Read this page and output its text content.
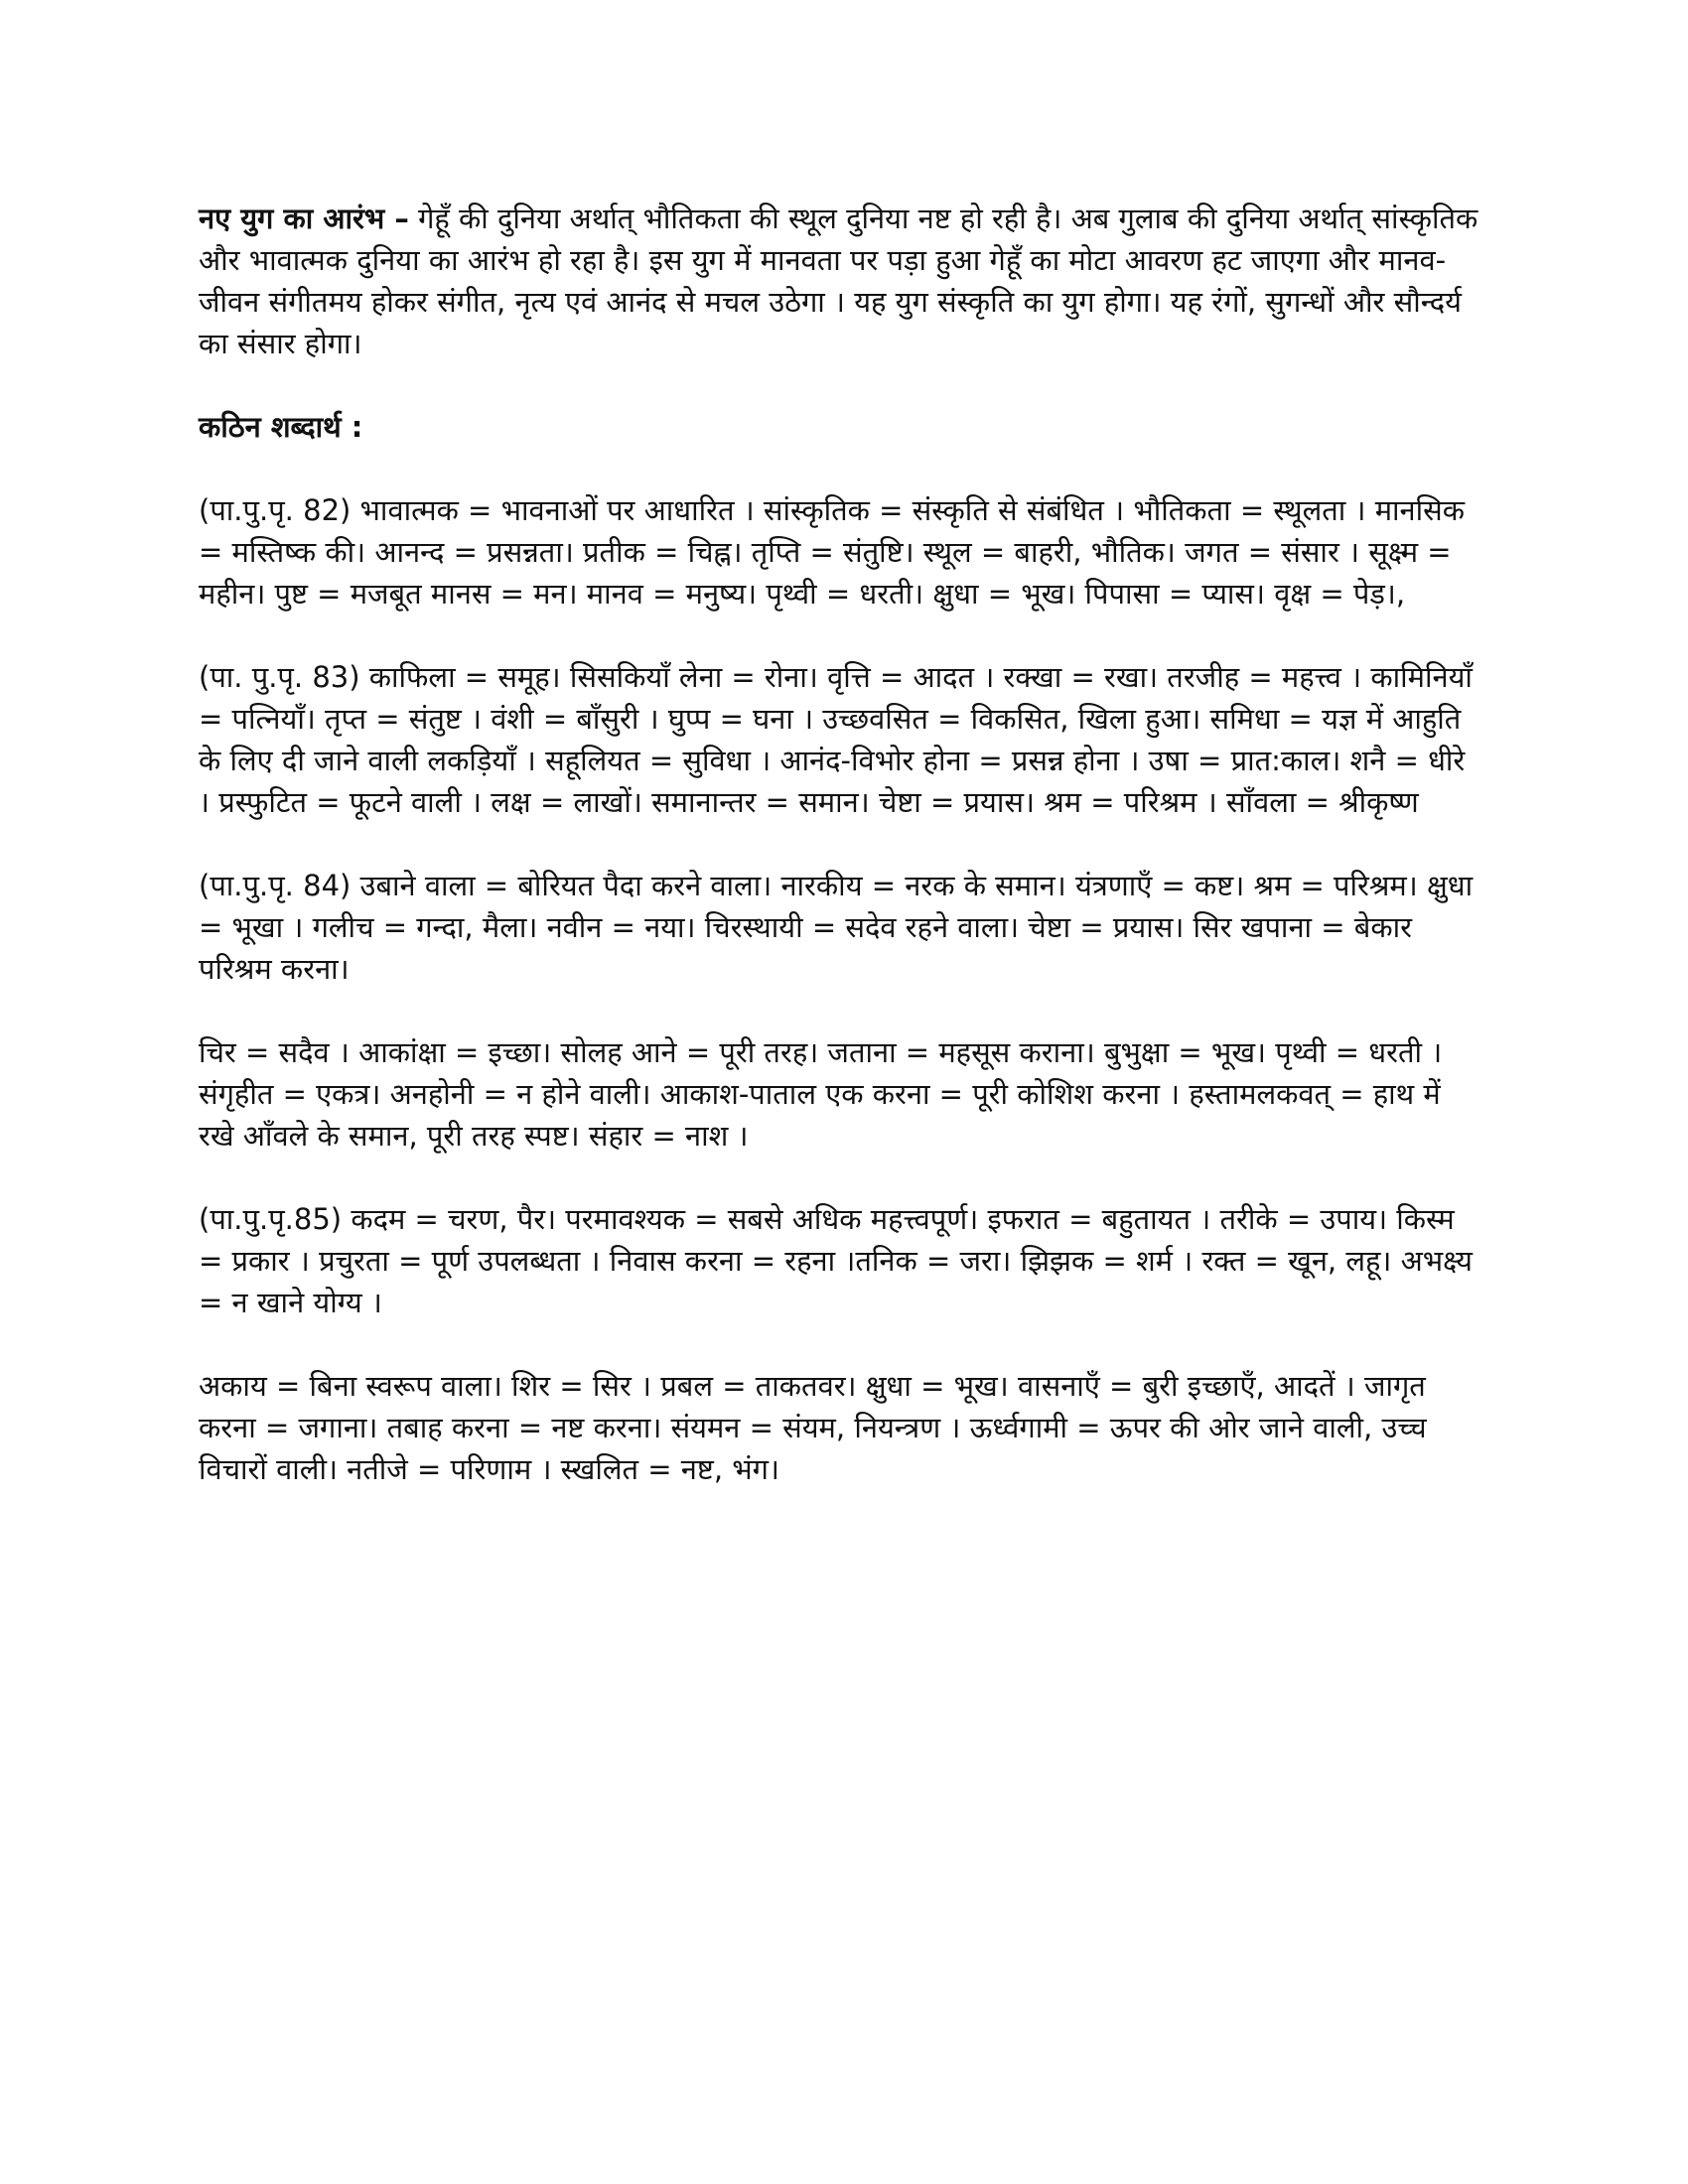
नए युग का आरंभ – गेहूँ की दुनिया अर्थात् भौतिकता की स्थूल दुनिया नष्ट हो रही है। अब गुलाब की दुनिया अर्थात् सांस्कृतिक और भावात्मक दुनिया का आरंभ हो रहा है। इस युग में मानवता पर पड़ा हुआ गेहूँ का मोटा आवरण हट जाएगा और मानव-जीवन संगीतमय होकर संगीत, नृत्य एवं आनंद से मचल उठेगा । यह युग संस्कृति का युग होगा। यह रंगों, सुगन्धों और सौन्दर्य का संसार होगा।

कठिन शब्दार्थ :

(पा.पु.पृ. 82) भावात्मक = भावनाओं पर आधारित । सांस्कृतिक = संस्कृति से संबंधित । भौतिकता = स्थूलता । मानसिक = मस्तिष्क की। आनन्द = प्रसन्नता। प्रतीक = चिह्न। तृप्ति = संतुष्टि। स्थूल = बाहरी, भौतिक। जगत = संसार । सूक्ष्म = महीन। पुष्ट = मजबूत मानस = मन। मानव = मनुष्य। पृथ्वी = धरती। क्षुधा = भूख। पिपासा = प्यास। वृक्ष = पेड़।,

(पा. पु.पृ. 83) काफिला = समूह। सिसकियाँ लेना = रोना। वृत्ति = आदत । रक्खा = रखा। तरजीह = महत्त्व । कामिनियाँ = पत्नियाँ। तृप्त = संतुष्ट । वंशी = बाँसुरी । घुप्प = घना । उच्छवसित = विकसित, खिला हुआ। समिधा = यज्ञ में आहुति के लिए दी जाने वाली लकड़ियाँ । सहूलियत = सुविधा । आनंद-विभोर होना = प्रसन्न होना । उषा = प्रात:काल। शनै = धीरे । प्रस्फुटित = फूटने वाली । लक्ष = लाखों। समानान्तर = समान। चेष्टा = प्रयास। श्रम = परिश्रम । साँवला = श्रीकृष्ण

(पा.पु.पृ. 84) उबाने वाला = बोरियत पैदा करने वाला। नारकीय = नरक के समान। यंत्रणाएँ = कष्ट। श्रम = परिश्रम। क्षुधा = भूखा । गलीच = गन्दा, मैला। नवीन = नया। चिरस्थायी = सदेव रहने वाला। चेष्टा = प्रयास। सिर खपाना = बेकार परिश्रम करना।

चिर = सदैव । आकांक्षा = इच्छा। सोलह आने = पूरी तरह। जताना = महसूस कराना। बुभुक्षा = भूख। पृथ्वी = धरती । संगृहीत = एकत्र। अनहोनी = न होने वाली। आकाश-पाताल एक करना = पूरी कोशिश करना । हस्तामलकवत् = हाथ में रखे आँवले के समान, पूरी तरह स्पष्ट। संहार = नाश ।

(पा.पु.पृ.85) कदम = चरण, पैर। परमावश्यक = सबसे अधिक महत्त्वपूर्ण। इफरात = बहुतायत । तरीके = उपाय। किस्म = प्रकार । प्रचुरता = पूर्ण उपलब्धता । निवास करना = रहना ।तनिक = जरा। झिझक = शर्म । रक्त = खून, लहू। अभक्ष्य = न खाने योग्य ।

अकाय = बिना स्वरूप वाला। शिर = सिर । प्रबल = ताकतवर। क्षुधा = भूख। वासनाएँ = बुरी इच्छाएँ, आदतें । जागृत करना = जगाना। तबाह करना = नष्ट करना। संयमन = संयम, नियन्त्रण । ऊर्ध्वगामी = ऊपर की ओर जाने वाली, उच्च विचारों वाली। नतीजे = परिणाम । स्खलित = नष्ट, भंग।
